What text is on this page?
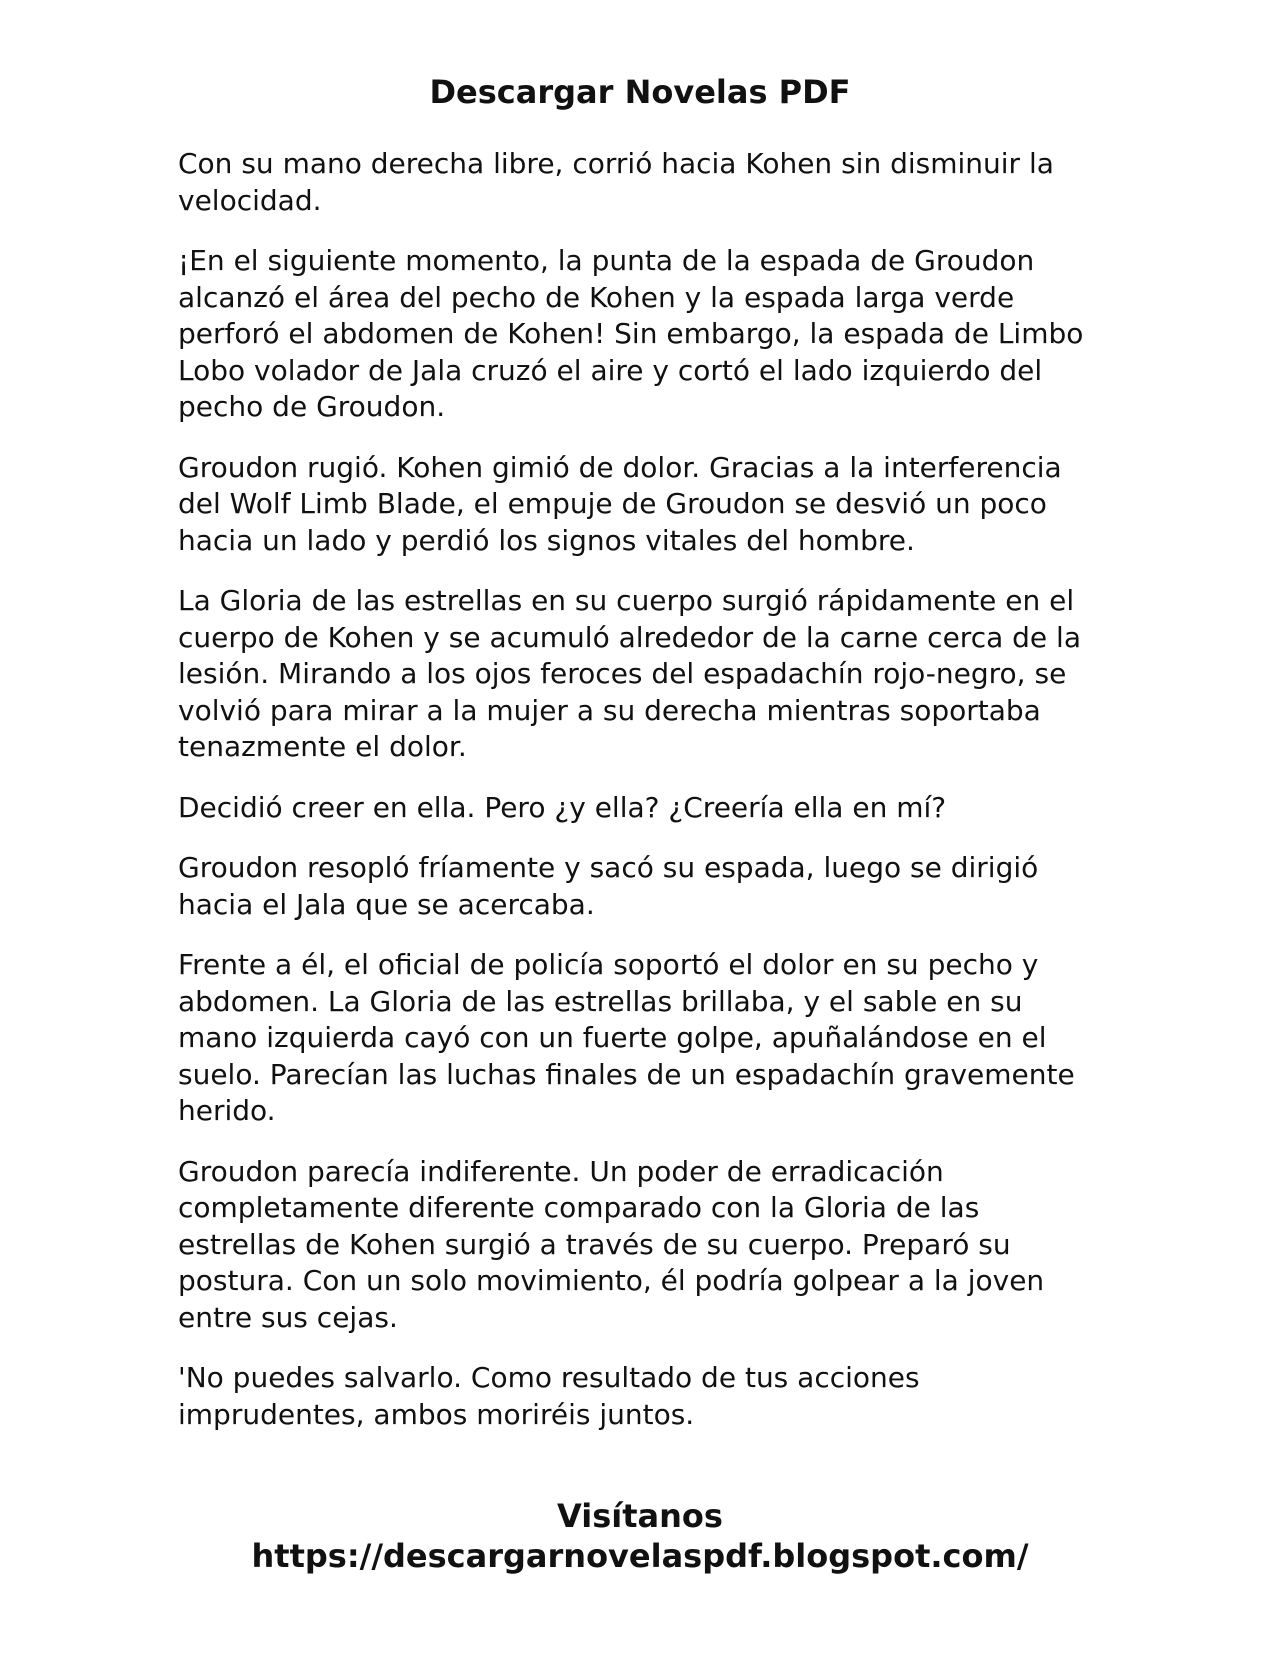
Descargar Novelas PDF

Con su mano derecha libre, corrió hacia Kohen sin disminuir la velocidad.

¡En el siguiente momento, la punta de la espada de Groudon alcanzó el área del pecho de Kohen y la espada larga verde perforó el abdomen de Kohen! Sin embargo, la espada de Limbo Lobo volador de Jala cruzó el aire y cortó el lado izquierdo del pecho de Groudon.

Groudon rugió. Kohen gimió de dolor. Gracias a la interferencia del Wolf Limb Blade, el empuje de Groudon se desvió un poco hacia un lado y perdió los signos vitales del hombre.

La Gloria de las estrellas en su cuerpo surgió rápidamente en el cuerpo de Kohen y se acumuló alrededor de la carne cerca de la lesión. Mirando a los ojos feroces del espadachín rojo-negro, se volvió para mirar a la mujer a su derecha mientras soportaba tenazmente el dolor.

Decidió creer en ella. Pero ¿y ella? ¿Creería ella en mí?

Groudon resopló fríamente y sacó su espada, luego se dirigió hacia el Jala que se acercaba.

Frente a él, el oficial de policía soportó el dolor en su pecho y abdomen. La Gloria de las estrellas brillaba, y el sable en su mano izquierda cayó con un fuerte golpe, apuñalándose en el suelo. Parecían las luchas finales de un espadachín gravemente herido.

Groudon parecía indiferente. Un poder de erradicación completamente diferente comparado con la Gloria de las estrellas de Kohen surgió a través de su cuerpo. Preparó su postura. Con un solo movimiento, él podría golpear a la joven entre sus cejas.

'No puedes salvarlo. Como resultado de tus acciones imprudentes, ambos moriréis juntos.

Visítanos
https://descargarnovelaspdf.blogspot.com/
